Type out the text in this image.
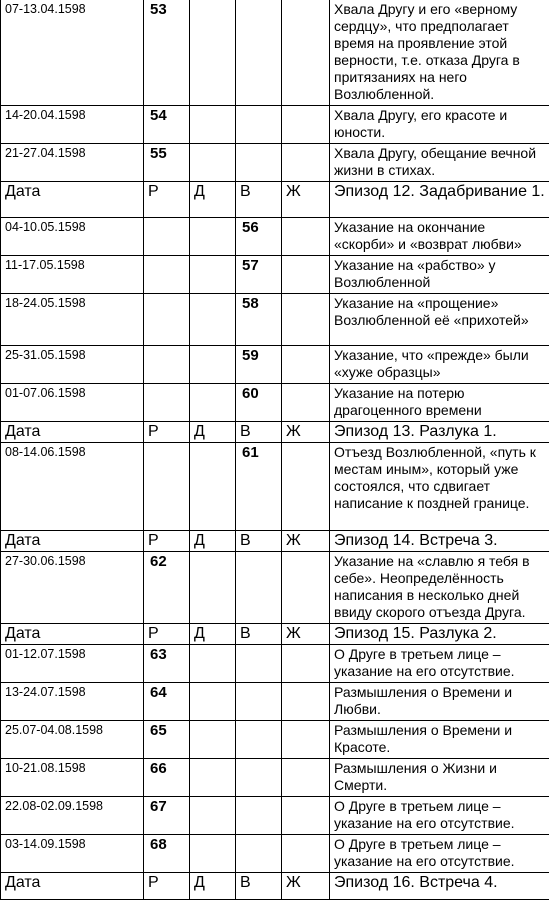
07-13.04.1598	53				Хвала Другу и его «верному сердцу», что предполагает время на проявление этой верности, т.е. отказа Друга в притязаниях на него Возлюбленной.
14-20.04.1598	54				Хвала Другу, его красоте и юности.
21-27.04.1598	55				Хвала Другу, обещание вечной жизни в стихах.
Дата	Р	Д	В	Ж	Эпизод 12. Задабривание 1.
04-10.05.1598			56		Указание на окончание «скорби» и «возврат любви»
11-17.05.1598			57		Указание на «рабство» у Возлюбленной
18-24.05.1598			58		Указание на «прощение» Возлюбленной её «прихотей»
25-31.05.1598			59		Указание, что «прежде» были «хуже образцы»
01-07.06.1598			60		Указание на потерю драгоценного времени
Дата	Р	Д	В	Ж	Эпизод 13. Разлука 1.
08-14.06.1598			61		Отъезд Возлюбленной, «путь к местам иным», который уже состоялся, что сдвигает написание к поздней границе.
Дата	Р	Д	В	Ж	Эпизод 14. Встреча 3.
27-30.06.1598	62				Указание на «славлю я тебя в себе». Неопределённость написания в несколько дней ввиду скорого отъезда Друга.
Дата	Р	Д	В	Ж	Эпизод 15. Разлука 2.
01-12.07.1598	63				О Друге в третьем лице – указание на его отсутствие.
13-24.07.1598	64				Размышления о Времени и Любви.
25.07-04.08.1598	65				Размышления о Времени и Красоте.
10-21.08.1598	66				Размышления о Жизни и Смерти.
22.08-02.09.1598	67				О Друге в третьем лице – указание на его отсутствие.
03-14.09.1598	68				О Друге в третьем лице – указание на его отсутствие.
Дата	Р	Д	В	Ж	Эпизод 16. Встреча 4.
